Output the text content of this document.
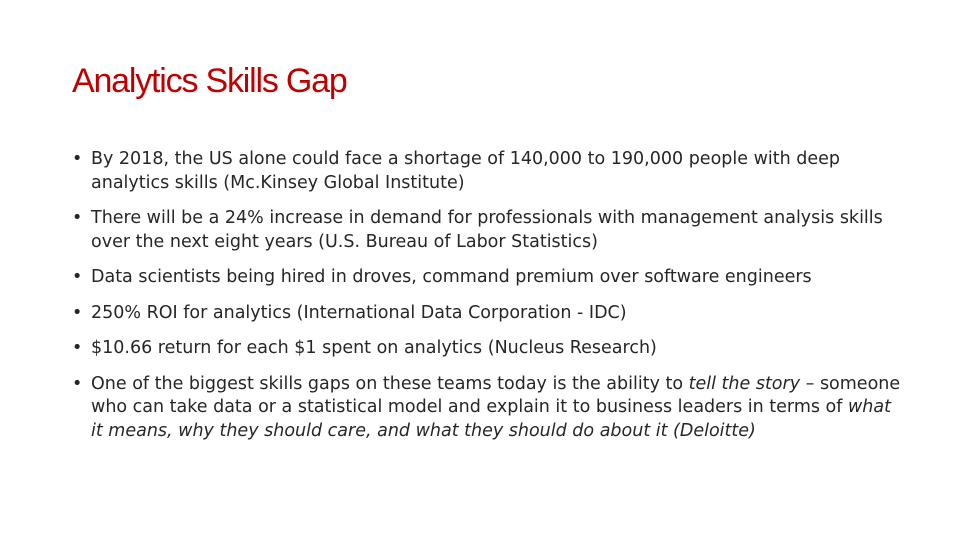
Analytics Skills Gap
• By 2018, the US alone could face a shortage of 140,000 to 190,000 people with deep analytics skills (Mc.Kinsey Global Institute)
• There will be a 24% increase in demand for professionals with management analysis skills over the next eight years (U.S. Bureau of Labor Statistics)
• Data scientists being hired in droves, command premium over software engineers
• 250% ROI for analytics (International Data Corporation - IDC)
• $10.66 return for each $1 spent on analytics (Nucleus Research)
• One of the biggest skills gaps on these teams today is the ability to tell the story – someone who can take data or a statistical model and explain it to business leaders in terms of what it means, why they should care, and what they should do about it (Deloitte)
